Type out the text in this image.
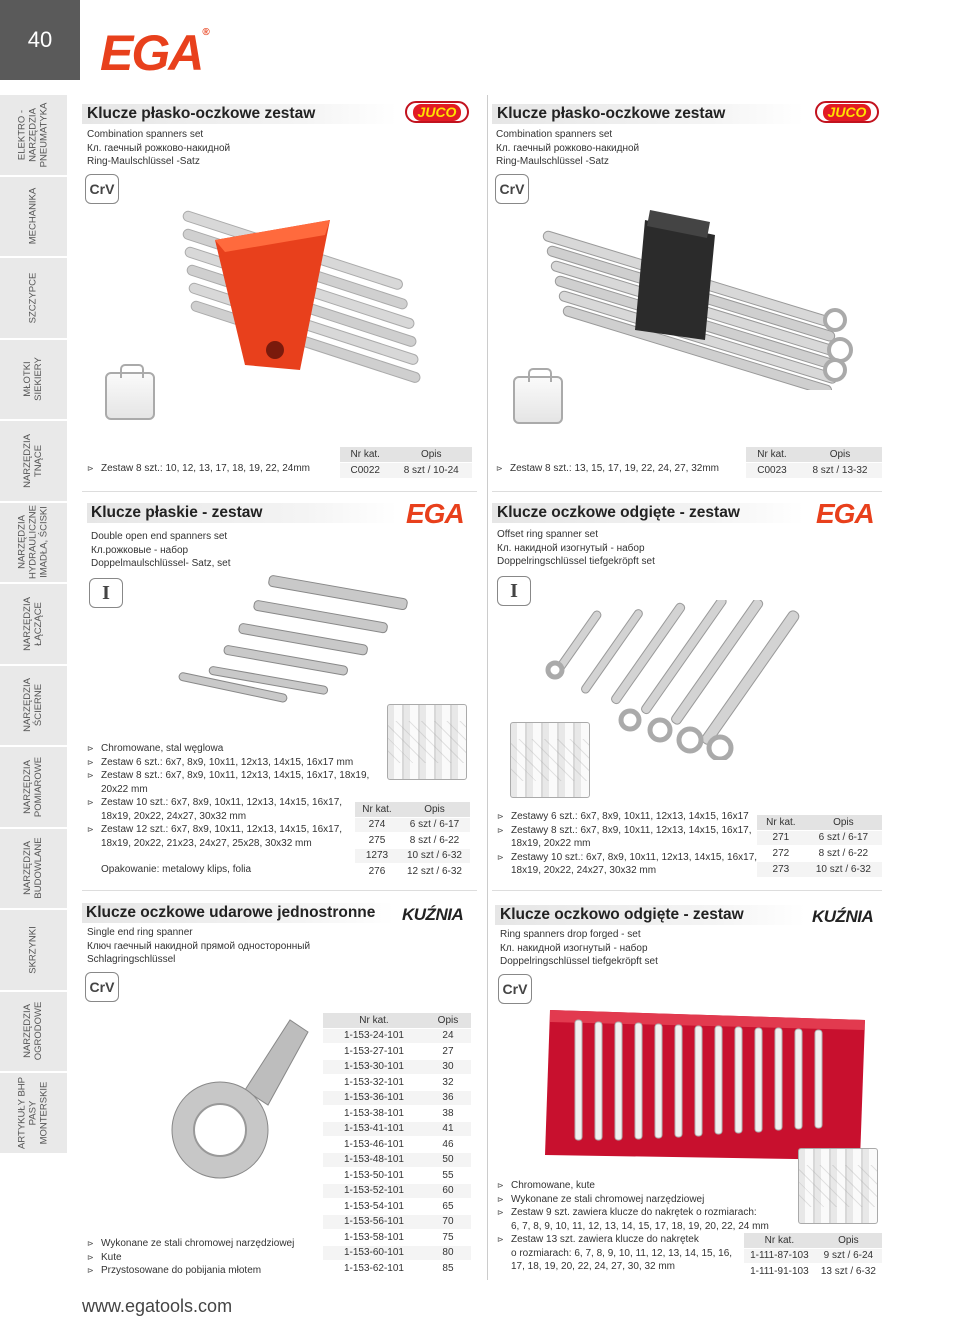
40 EGA®
ELEKTRO -
NARZĘDZIA
PNEUMATYKA
MECHANIKA
SZCZYPCE
MŁOTKI
SIEKIERY
NARZĘDZIA
TNĄCE
NARZĘDZIA
HYDRAULICZNE
IMADŁA, ŚCISKI
NARZĘDZIA
ŁĄCZĄCE
NARZĘDZIA
ŚCIERNE
NARZĘDZIA
POMIAROWE
NARZĘDZIA
BUDOWLANE
SKRZYNKI
NARZĘDZIA
OGRODOWE
ARTYKUŁY BHP
PASY
MONTERSKIE
Klucze płasko-oczkowe zestaw	JUCO
Combination spanners set
Кл. гаечный рожково-накидной
Ring-Maulschlüssel -Satz
CrV
⊳ Zestaw 8 szt.: 10, 12, 13, 17, 18, 19, 22, 24mm
Nr kat.	Opis
C0022	8 szt / 10-24
Klucze płasko-oczkowe zestaw	JUCO
Combination spanners set
Кл. гаечный рожково-накидной
Ring-Maulschlüssel -Satz
CrV
⊳ Zestaw 8 szt.: 13, 15, 17, 19, 22, 24, 27, 32mm
Nr kat.	Opis
C0023	8 szt / 13-32
Klucze płaskie - zestaw	EGA
Double open end spanners set
Кл.рожковые - набор
Doppelmaulschlüssel- Satz, set
I
⊳ Chromowane, stal węglowa
⊳ Zestaw 6 szt.: 6x7, 8x9, 10x11, 12x13, 14x15, 16x17 mm
⊳ Zestaw 8 szt.: 6x7, 8x9, 10x11, 12x13, 14x15, 16x17, 18x19,
20x22 mm
⊳ Zestaw 10 szt.: 6x7, 8x9, 10x11, 12x13, 14x15, 16x17,
18x19, 20x22, 24x27, 30x32 mm
⊳ Zestaw 12 szt.: 6x7, 8x9, 10x11, 12x13, 14x15, 16x17,
18x19, 20x22, 21x23, 24x27, 25x28, 30x32 mm
Opakowanie: metalowy klips, folia
Nr kat.	Opis
274	6 szt / 6-17
275	8 szt / 6-22
1273	10 szt / 6-32
276	12 szt / 6-32
Klucze oczkowe odgięte - zestaw	EGA
Offset ring spanner set
Кл. накидной изогнутый - набор
Doppelringschlüssel tiefgekröpft set
I
⊳ Zestawy 6 szt.: 6x7, 8x9, 10x11, 12x13, 14x15, 16x17
⊳ Zestawy 8 szt.: 6x7, 8x9, 10x11, 12x13, 14x15, 16x17,
18x19, 20x22 mm
⊳ Zestawy 10 szt.: 6x7, 8x9, 10x11, 12x13, 14x15, 16x17,
18x19, 20x22, 24x27, 30x32 mm
Nr kat.	Opis
271	6 szt / 6-17
272	8 szt / 6-22
273	10 szt / 6-32
Klucze oczkowe udarowe jednostronne KUŹNIA
Single end ring spanner
Ключ гаечный накидной прямой односторонный
Schlagringschlüssel
CrV
⊳ Wykonane ze stali chromowej narzędziowej
⊳ Kute
⊳ Przystosowane do pobijania młotem
Nr kat.	Opis
1-153-24-101	24
1-153-27-101	27
1-153-30-101	30
1-153-32-101	32
1-153-36-101	36
1-153-38-101	38
1-153-41-101	41
1-153-46-101	46
1-153-48-101	50
1-153-50-101	55
1-153-52-101	60
1-153-54-101	65
1-153-56-101	70
1-153-58-101	75
1-153-60-101	80
1-153-62-101	85
Klucze oczkowo odgięte - zestaw	KUŹNIA
Ring spanners drop forged - set
Кл. накидной изогнутый - набор
Doppelringschlüssel tiefgekröpft set
CrV
⊳ Chromowane, kute
⊳ Wykonane ze stali chromowej narzędziowej
⊳ Zestaw 9 szt. zawiera klucze do nakrętek o rozmiarach:
6, 7, 8, 9, 10, 11, 12, 13, 14, 15, 17, 18, 19, 20, 22, 24 mm
⊳ Zestaw 13 szt. zawiera klucze do nakrętek
o rozmiarach: 6, 7, 8, 9, 10, 11, 12, 13, 14, 15, 16,
17, 18, 19, 20, 22, 24, 27, 30, 32 mm
Nr kat.	Opis
1-111-87-103	9 szt / 6-24
1-111-91-103	13 szt / 6-32
www.egatools.com
